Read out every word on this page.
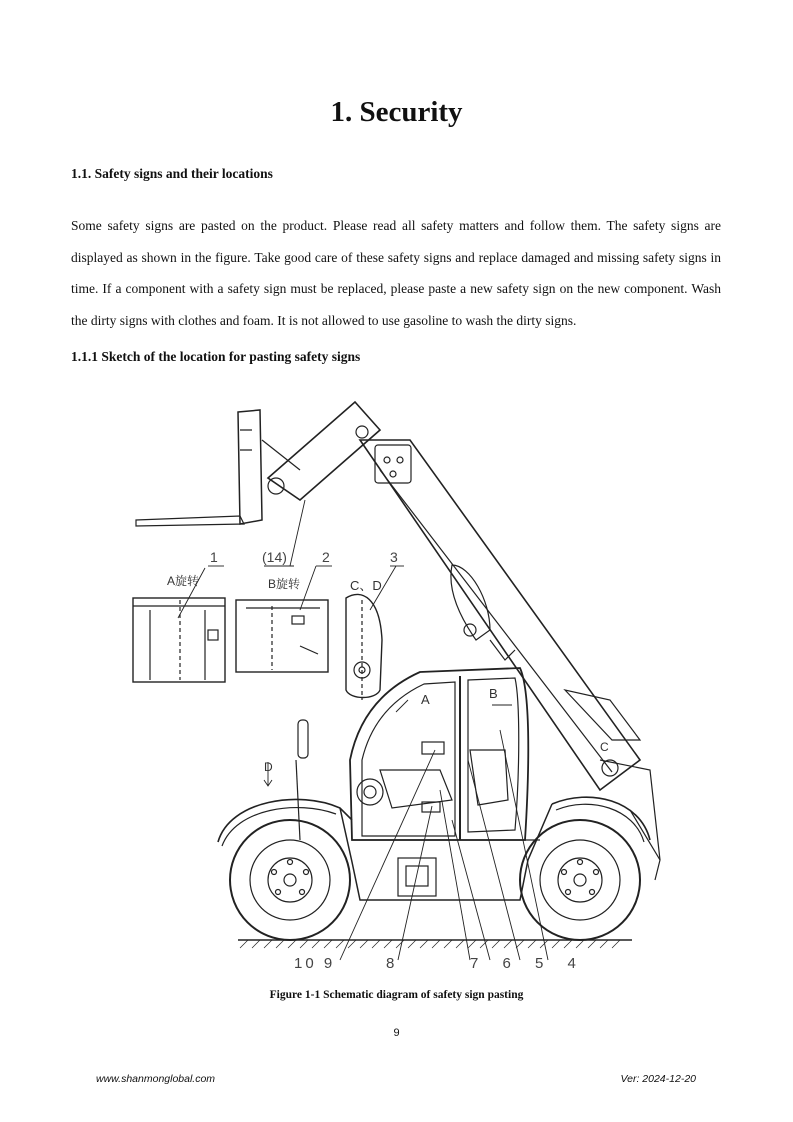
1. Security
1.1. Safety signs and their locations
Some safety signs are pasted on the product. Please read all safety matters and follow them. The safety signs are displayed as shown in the figure. Take good care of these safety signs and replace damaged and missing safety signs in time. If a component with a safety sign must be replaced, please paste a new safety sign on the new component. Wash the dirty signs with clothes and foam. It is not allowed to use gasoline to wash the dirty signs.
1.1.1 Sketch of the location for pasting safety signs
1	(14)	2	3
A旋转	B旋转	C、D
A	B
C
D
10 9	8	7 6 5 4
Figure 1-1 Schematic diagram of safety sign pasting
9
www.shanmonglobal.com	Ver: 2024-12-20
